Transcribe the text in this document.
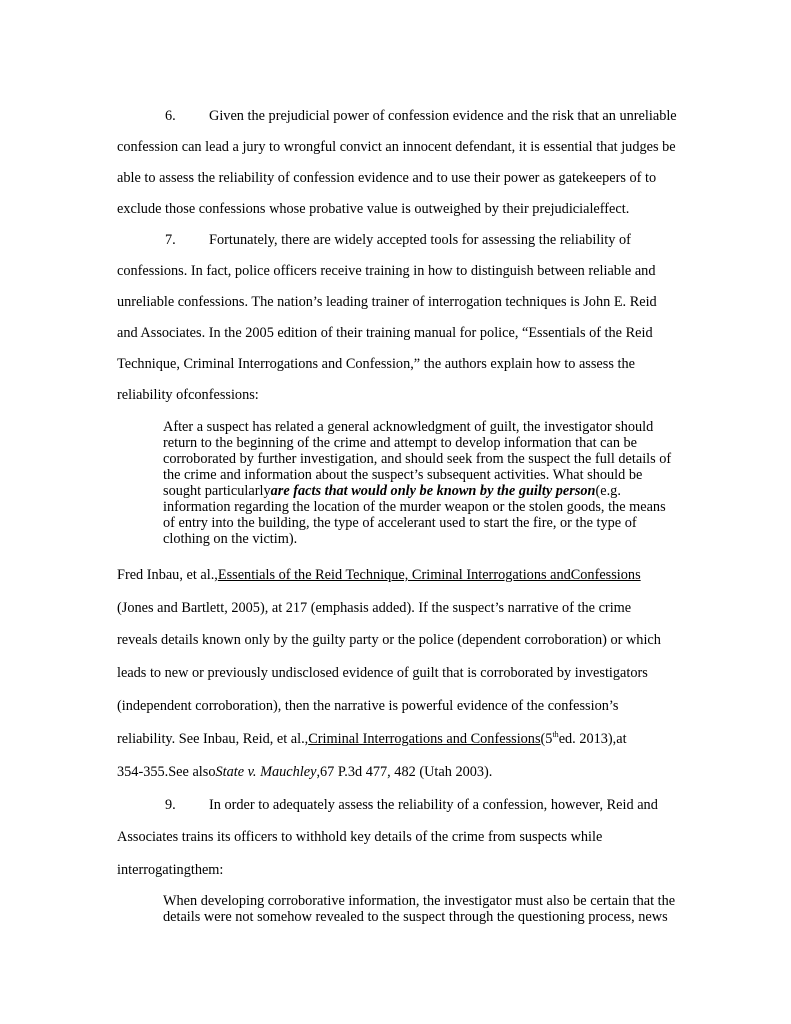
6. Given the prejudicial power of confession evidence and the risk that an unreliable
confession can lead a jury to wrongful convict an innocent defendant, it is essential that judges be
able to assess the reliability of confession evidence and to use their power as gatekeepers of to
exclude those confessions whose probative value is outweighed by their prejudicialeffect.
7. Fortunately, there are widely accepted tools for assessing the reliability of
confessions. In fact, police officers receive training in how to distinguish between reliable and
unreliable confessions. The nation’s leading trainer of interrogation techniques is John E. Reid
and Associates. In the 2005 edition of their training manual for police, “Essentials of the Reid
Technique, Criminal Interrogations and Confession,” the authors explain how to assess the
reliability ofconfessions:
After a suspect has related a general acknowledgment of guilt, the investigator should
return to the beginning of the crime and attempt to develop information that can be
corroborated by further investigation, and should seek from the suspect the full details of
the crime and information about the suspect’s subsequent activities. What should be
sought particularlyare facts that would only be known by the guilty person(e.g.
information regarding the location of the murder weapon or the stolen goods, the means
of entry into the building, the type of accelerant used to start the fire, or the type of
clothing on the victim).
Fred Inbau, et al.,Essentials of the Reid Technique, Criminal Interrogations andConfessions
(Jones and Bartlett, 2005), at 217 (emphasis added). If the suspect’s narrative of the crime
reveals details known only by the guilty party or the police (dependent corroboration) or which
leads to new or previously undisclosed evidence of guilt that is corroborated by investigators
(independent corroboration), then the narrative is powerful evidence of the confession’s
reliability. See Inbau, Reid, et al.,Criminal Interrogations and Confessions(5thed. 2013),at
354-355.See alsoState v. Mauchley,67 P.3d 477, 482 (Utah 2003).
9. In order to adequately assess the reliability of a confession, however, Reid and
Associates trains its officers to withhold key details of the crime from suspects while
interrogatingthem:
When developing corroborative information, the investigator must also be certain that the
details were not somehow revealed to the suspect through the questioning process, news
